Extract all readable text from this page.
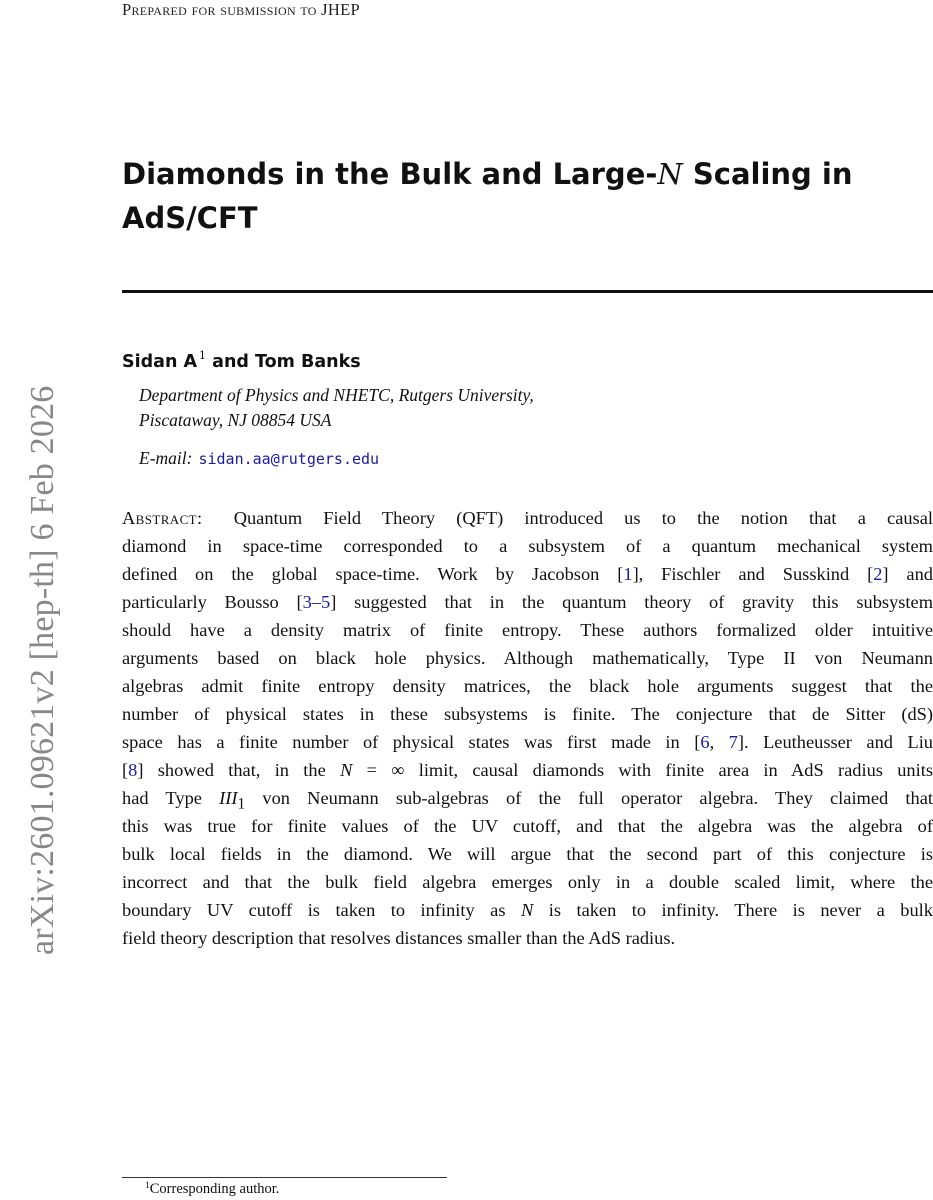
Prepared for submission to JHEP
arXiv:2601.09621v2 [hep-th] 6 Feb 2026
Diamonds in the Bulk and Large-N Scaling in
AdS/CFT
Sidan A $^1$ and Tom Banks
Department of Physics and NHETC, Rutgers University,
Piscataway, NJ 08854 USA
E-mail: sidan.aa@rutgers.edu
Abstract: Quantum Field Theory (QFT) introduced us to the notion that a causal
diamond in space-time corresponded to a subsystem of a quantum mechanical system
defined on the global space-time. Work by Jacobson [1], Fischler and Susskind [2] and
particularly Bousso [3–5] suggested that in the quantum theory of gravity this subsystem
should have a density matrix of finite entropy. These authors formalized older intuitive
arguments based on black hole physics. Although mathematically, Type II von Neumann
algebras admit finite entropy density matrices, the black hole arguments suggest that the
number of physical states in these subsystems is finite. The conjecture that de Sitter (dS)
space has a finite number of physical states was first made in [6, 7]. Leutheusser and Liu
[8] showed that, in the N = ∞ limit, causal diamonds with finite area in AdS radius units
had Type $III_1$ von Neumann sub-algebras of the full operator algebra. They claimed that
this was true for finite values of the UV cutoff, and that the algebra was the algebra of
bulk local fields in the diamond. We will argue that the second part of this conjecture is
incorrect and that the bulk field algebra emerges only in a double scaled limit, where the
boundary UV cutoff is taken to infinity as N is taken to infinity. There is never a bulk
field theory description that resolves distances smaller than the AdS radius.
$^1$Corresponding author.
